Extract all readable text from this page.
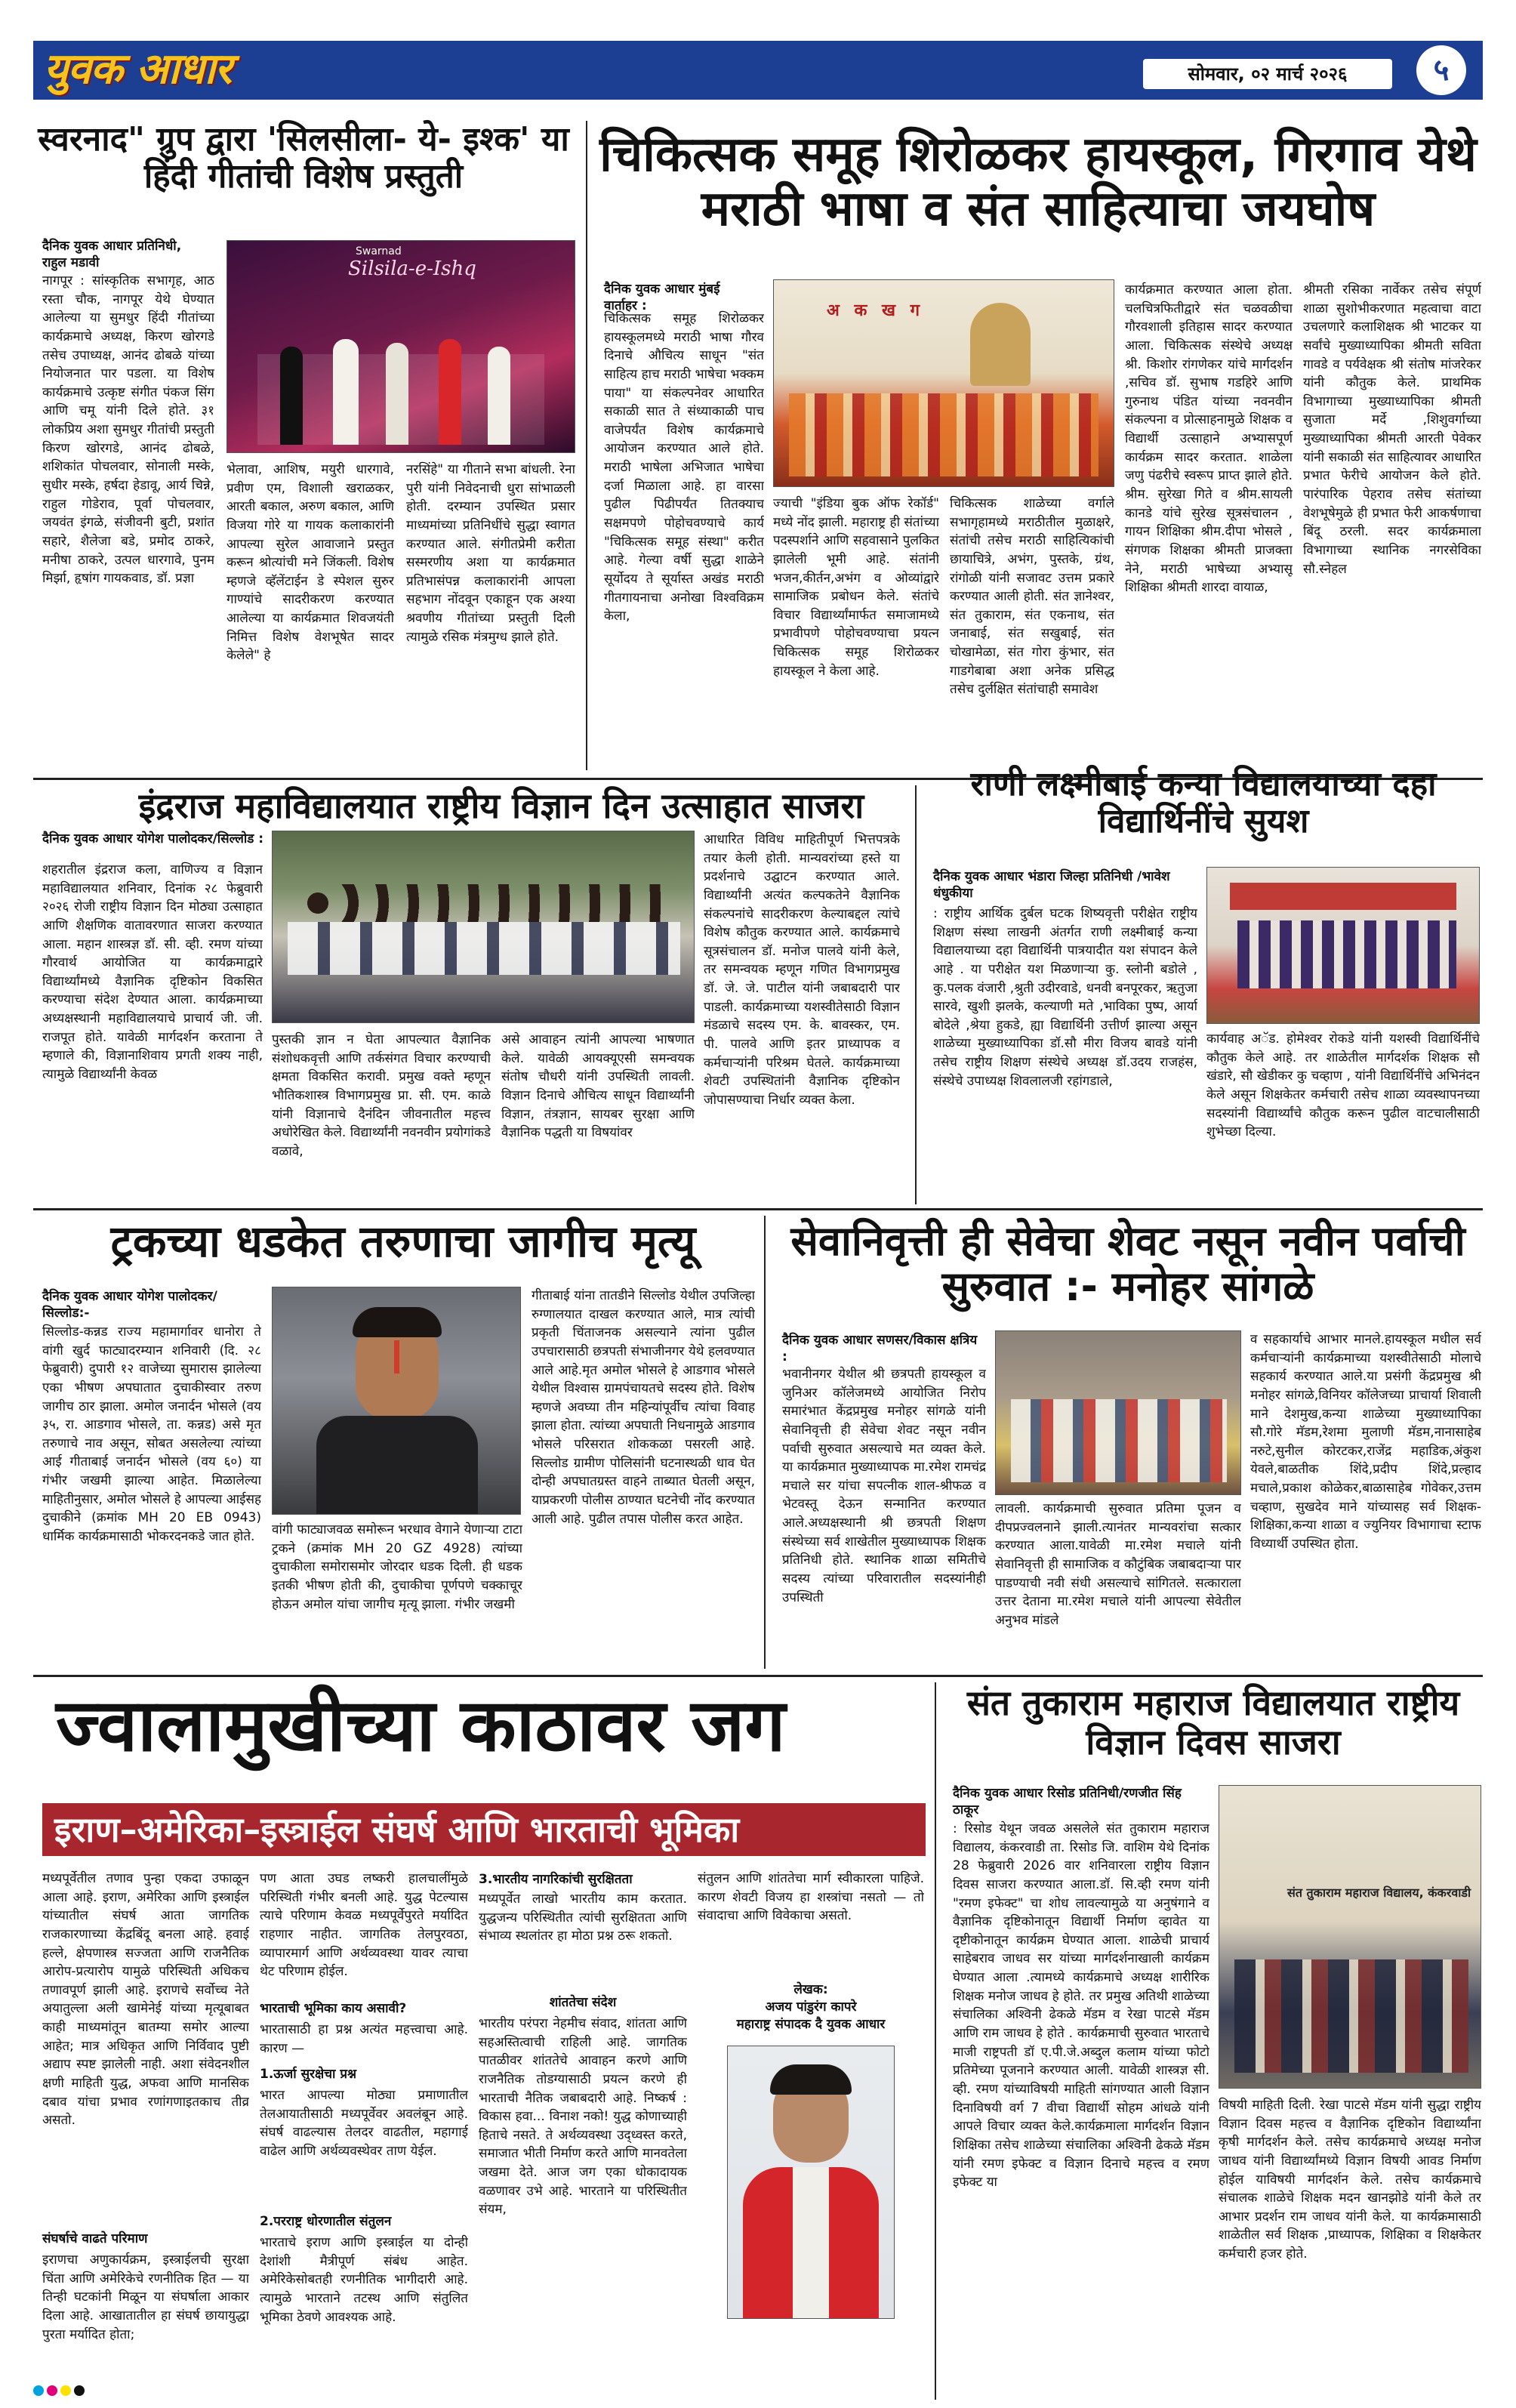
युवक आधार	सोमवार, ०२ मार्च २०२६	५
स्वरनाद" ग्रुप द्वारा 'सिलसीला- ये- इश्क' या हिंदी गीतांची विशेष प्रस्तुती
दैनिक युवक आधार प्रतिनिधी, राहुल मडावी
नागपूर : सांस्कृतिक सभागृह, आठ रस्ता चौक, नागपूर येथे घेण्यात आलेल्या या सुमधुर हिंदी गीतांच्या कार्यक्रमाचे अध्यक्ष, किरण खोरगडे तसेच उपाध्यक्ष, आनंद ढोबळे यांच्या नियोजनात पार पडला. या विशेष कार्यक्रमाचे उत्कृष्ट संगीत पंकज सिंग आणि चमू यांनी दिले होते. ३१ लोकप्रिय अशा सुमधुर गीतांची प्रस्तुती किरण खोरगडे, आनंद ढोबळे, शशिकांत पोचलवार, सोनाली मस्के, सुधीर मस्के, हर्षदा हेडावू, आर्य चिन्ने, राहुल गोडेराव, पूर्वा पोचलवार, जयवंत इंगळे, संजीवनी बुटी, प्रशांत सहारे, शैलेजा बडे, प्रमोद ठाकरे, मनीषा ठाकरे, उत्पल धारगावे, पुनम मिर्झा, हृषांग गायकवाड, डॉ. प्रज्ञा
Silsila-e-Ishq
Swarnad
भेलावा, आशिष, मयुरी धारगावे, प्रवीण एम, विशाली खराळकर, आरती बकाल, अरुण बकाल, आणि विजया गोरे या गायक कलाकारांनी आपल्या सुरेल आवाजाने प्रस्तुत करून श्रोत्यांची मने जिंकली. विशेष म्हणजे व्हॅलेंटाईन डे स्पेशल सुरुर गाण्यांचे सादरीकरण करण्यात आलेल्या या कार्यक्रमात शिवजयंती निमित्त विशेष वेशभूषेत सादर केलेले" हे
नरसिंहे" या गीताने सभा बांधली. रेना पुरी यांनी निवेदनाची धुरा सांभाळली होती. दरम्यान उपस्थित प्रसार माध्यमांच्या प्रतिनिधींचे सुद्धा स्वागत करण्यात आले. संगीतप्रेमी करीता सस्मरणीय अशा या कार्यक्रमात प्रतिभासंपन्न कलाकारांनी आपला सहभाग नोंदवून एकाहून एक अश्या श्रवणीय गीतांच्या प्रस्तुती दिली त्यामुळे रसिक मंत्रमुग्ध झाले होते.
चिकित्सक समूह शिरोळकर हायस्कूल, गिरगाव येथे मराठी भाषा व संत साहित्याचा जयघोष
दैनिक युवक आधार मुंबई वार्ताहर :
चिकित्सक समूह शिरोळकर हायस्कूलमध्ये मराठी भाषा गौरव दिनाचे औचित्य साधून "संत साहित्य हाच मराठी भाषेचा भक्कम पाया" या संकल्पनेवर आधारित सकाळी सात ते संध्याकाळी पाच वाजेपर्यंत विशेष कार्यक्रमाचे आयोजन करण्यात आले होते. मराठी भाषेला अभिजात भाषेचा दर्जा मिळाला आहे. हा वारसा पुढील पिढीपर्यंत तितक्याच सक्षमपणे पोहोचवण्याचे कार्य "चिकित्सक समूह संस्था" करीत आहे. गेल्या वर्षी सुद्धा शाळेने सूर्योदय ते सूर्यास्त अखंड मराठी गीतगायनाचा अनोखा विश्वविक्रम केला,
अ क ख ग
ज्याची "इंडिया बुक ऑफ रेकॉर्ड" मध्ये नोंद झाली. महाराष्ट्र ही संतांच्या पदस्पर्शाने आणि सहवासाने पुलकित झालेली भूमी आहे. संतांनी भजन,कीर्तन,अभंग व ओव्यांद्वारे सामाजिक प्रबोधन केले. संतांचे विचार विद्यार्थ्यांमार्फत समाजामध्ये प्रभावीपणे पोहोचवण्याचा प्रयत्न चिकित्सक समूह शिरोळकर हायस्कूल ने केला आहे.
चिकित्सक शाळेच्या वर्गाले सभागृहामध्ये मराठीतील मुळाक्षरे, संतांची तसेच मराठी साहित्यिकांची छायाचित्रे, अभंग, पुस्तके, ग्रंथ, रांगोळी यांनी सजावट उत्तम प्रकारे करण्यात आली होती. संत ज्ञानेश्वर, संत तुकाराम, संत एकनाथ, संत जनाबाई, संत सखुबाई, संत चोखामेळा, संत गोरा कुंभार, संत गाडगेबाबा अशा अनेक प्रसिद्ध तसेच दुर्लक्षित संतांचाही समावेश
कार्यक्रमात करण्यात आला होता. चलचित्रफितीद्वारे संत चळवळीचा गौरवशाली इतिहास सादर करण्यात आला. चिकित्सक संस्थेचे अध्यक्ष श्री. किशोर रांगणेकर यांचे मार्गदर्शन ,सचिव डॉ. सुभाष गडहिरे आणि गुरुनाथ पंडित यांच्या नवनवीन संकल्पना व प्रोत्साहनामुळे शिक्षक व विद्यार्थी उत्साहाने अभ्यासपूर्ण कार्यक्रम सादर करतात. शाळेला जणु पंढरीचे स्वरूप प्राप्त झाले होते. श्रीम. सुरेखा गिते व श्रीम.सायली कानडे यांचे सुरेख सूत्रसंचालन , गायन शिक्षिका श्रीम.दीपा भोसले , संगणक शिक्षका श्रीमती प्राजक्ता नेने, मराठी भाषेच्या अभ्यासू शिक्षिका श्रीमती शारदा वायाळ,
श्रीमती रसिका नार्वेकर तसेच संपूर्ण शाळा सुशोभीकरणात महत्वाचा वाटा उचलणारे कलाशिक्षक श्री भाटकर या सर्वांचे मुख्याध्यापिका श्रीमती सविता गावडे व पर्यवेक्षक श्री संतोष मांजरेकर यांनी कौतुक केले. प्राथमिक विभागाच्या मुख्याध्यापिका श्रीमती सुजाता मर्दे ,शिशुवर्गाच्या मुख्याध्यापिका श्रीमती आरती पेवेकर यांनी सकाळी संत साहित्यावर आधारित प्रभात फेरीचे आयोजन केले होते. पारंपारिक पेहराव तसेच संतांच्या वेशभूषेमुळे ही प्रभात फेरी आकर्षणाचा बिंदू ठरली. सदर कार्यक्रमाला विभागाच्या स्थानिक नगरसेविका सौ.स्नेहल
इंद्रराज महाविद्यालयात राष्ट्रीय विज्ञान दिन उत्साहात साजरा
दैनिक युवक आधार योगेश पालोदकर/सिल्लोड :
शहरातील इंद्रराज कला, वाणिज्य व विज्ञान महाविद्यालयात शनिवार, दिनांक २८ फेब्रुवारी २०२६ रोजी राष्ट्रीय विज्ञान दिन मोठ्या उत्साहात आणि शैक्षणिक वातावरणात साजरा करण्यात आला. महान शास्त्रज्ञ डॉ. सी. व्ही. रमण यांच्या गौरवार्थ आयोजित या कार्यक्रमाद्वारे विद्यार्थ्यांमध्ये वैज्ञानिक दृष्टिकोन विकसित करण्याचा संदेश देण्यात आला. कार्यक्रमाच्या अध्यक्षस्थानी महाविद्यालयाचे प्राचार्य जी. जी. राजपूत होते. यावेळी मार्गदर्शन करताना ते म्हणाले की, विज्ञानाशिवाय प्रगती शक्य नाही, त्यामुळे विद्यार्थ्यांनी केवळ
पुस्तकी ज्ञान न घेता आपल्यात वैज्ञानिक संशोधकवृत्ती आणि तर्कसंगत विचार करण्याची क्षमता विकसित करावी. प्रमुख वक्ते म्हणून भौतिकशास्त्र विभागप्रमुख प्रा. सी. एम. काळे यांनी विज्ञानाचे दैनंदिन जीवनातील महत्त्व अधोरेखित केले. विद्यार्थ्यांनी नवनवीन प्रयोगांकडे वळावे,
असे आवाहन त्यांनी आपल्या भाषणात केले. यावेळी आयक्यूएसी समन्वयक संतोष चौधरी यांनी उपस्थिती लावली. विज्ञान दिनाचे औचित्य साधून विद्यार्थ्यांनी विज्ञान, तंत्रज्ञान, सायबर सुरक्षा आणि वैज्ञानिक पद्धती या विषयांवर
आधारित विविध माहितीपूर्ण भित्तपत्रके तयार केली होती. मान्यवरांच्या हस्ते या प्रदर्शनाचे उद्घाटन करण्यात आले. विद्यार्थ्यांनी अत्यंत कल्पकतेने वैज्ञानिक संकल्पनांचे सादरीकरण केल्याबद्दल त्यांचे विशेष कौतुक करण्यात आले. कार्यक्रमाचे सूत्रसंचालन डॉ. मनोज पालवे यांनी केले, तर समन्वयक म्हणून गणित विभागप्रमुख डॉ. जे. जे. पाटील यांनी जबाबदारी पार पाडली. कार्यक्रमाच्या यशस्वीतेसाठी विज्ञान मंडळाचे सदस्य एम. के. बावस्कर, एम. पी. पालवे आणि इतर प्राध्यापक व कर्मचाऱ्यांनी परिश्रम घेतले. कार्यक्रमाच्या शेवटी उपस्थितांनी वैज्ञानिक दृष्टिकोन जोपासण्याचा निर्धार व्यक्त केला.
राणी लक्ष्मीबाई कन्या विद्यालयाच्या दहा विद्यार्थिनींचे सुयश
दैनिक युवक आधार भंडारा जिल्हा प्रतिनिधी /भावेश धंधुकीया
: राष्ट्रीय आर्थिक दुर्बल घटक शिष्यवृत्ती परीक्षेत राष्ट्रीय शिक्षण संस्था लाखनी अंतर्गत राणी लक्ष्मीबाई कन्या विद्यालयाच्या दहा विद्यार्थिनी पात्रयादीत यश संपादन केले आहे . या परीक्षेत यश मिळणाऱ्या कु. स्लोनी बडोले , कु.पलक वंजारी ,श्रुती उदीरवाडे, धनवी बनपूरकर, ऋतुजा सारवे, खुशी झलके, कल्याणी मते ,भाविका पुष्प, आर्या बोदेले ,श्रेया हुकडे, ह्या विद्यार्थिनी उत्तीर्ण झाल्या असून शाळेच्या मुख्याध्यापिका डॉ.सौ मीरा विजय बावडे यांनी तसेच राष्ट्रीय शिक्षण संस्थेचे अध्यक्ष डॉ.उदय राजहंस, संस्थेचे उपाध्यक्ष शिवलालजी रहांगडाले,
कार्यवाह अॅड. होमेश्वर रोकडे यांनी यशस्वी विद्यार्थिनींचे कौतुक केले आहे. तर शाळेतील मार्गदर्शक शिक्षक सौ खंडारे, सौ खेडीकर कु चव्हाण , यांनी विद्यार्थिनींचे अभिनंदन केले असून शिक्षकेतर कर्मचारी तसेच शाळा व्यवस्थापनच्या सदस्यांनी विद्यार्थ्यांचे कौतुक करून पुढील वाटचालीसाठी शुभेच्छा दिल्या.
ट्रकच्या धडकेत तरुणाचा जागीच मृत्यू
दैनिक युवक आधार योगेश पालोदकर/सिल्लोड:-
सिल्लोड-कन्नड राज्य महामार्गावर धानोरा ते वांगी खुर्द फाट्यादरम्यान शनिवारी (दि. २८ फेब्रुवारी) दुपारी १२ वाजेच्या सुमारास झालेल्या एका भीषण अपघातात दुचाकीस्वार तरुण जागीच ठार झाला. अमोल जनार्दन भोसले (वय ३५, रा. आडगाव भोसले, ता. कन्नड) असे मृत तरुणाचे नाव असून, सोबत असलेल्या त्यांच्या आई गीताबाई जनार्दन भोसले (वय ६०) या गंभीर जखमी झाल्या आहेत. मिळालेल्या माहितीनुसार, अमोल भोसले हे आपल्या आईसह दुचाकीने (क्रमांक MH 20 EB 0943) धार्मिक कार्यक्रमासाठी भोकरदनकडे जात होते.	वांगी फाट्याजवळ समोरून भरधाव वेगाने येणाऱ्या टाटा ट्रकने (क्रमांक MH 20 GZ 4928) त्यांच्या दुचाकीला समोरासमोर जोरदार धडक दिली. ही धडक इतकी भीषण होती की, दुचाकीचा पूर्णपणे चक्काचूर होऊन अमोल यांचा जागीच मृत्यू झाला. गंभीर जखमी
गीताबाई यांना तातडीने सिल्लोड येथील उपजिल्हा रुग्णालयात दाखल करण्यात आले, मात्र त्यांची प्रकृती चिंताजनक असल्याने त्यांना पुढील उपचारासाठी छत्रपती संभाजीनगर येथे हलवण्यात आले आहे.मृत अमोल भोसले हे आडगाव भोसले येथील विश्वास ग्रामपंचायतचे सदस्य होते. विशेष म्हणजे अवघ्या तीन महिन्यांपूर्वीच त्यांचा विवाह झाला होता. त्यांच्या अपघाती निधनामुळे आडगाव भोसले परिसरात शोककळा पसरली आहे. सिल्लोड ग्रामीण पोलिसांनी घटनास्थळी धाव घेत दोन्ही अपघातग्रस्त वाहने ताब्यात घेतली असून, याप्रकरणी पोलीस ठाण्यात घटनेची नोंद करण्यात आली आहे. पुढील तपास पोलीस करत आहेत.
सेवानिवृत्ती ही सेवेचा शेवट नसून नवीन पर्वाची सुरुवात :- मनोहर सांगळे
दैनिक युवक आधार सणसर/विकास क्षत्रिय :
भवानीनगर येथील श्री छत्रपती हायस्कूल व जुनिअर कॉलेजमध्ये आयोजित निरोप समारंभात केंद्रप्रमुख मनोहर सांगळे यांनी सेवानिवृत्ती ही सेवेचा शेवट नसून नवीन पर्वाची सुरुवात असल्याचे मत व्यक्त केले. या कार्यक्रमात मुख्याध्यापक मा.रमेश रामचंद्र मचाले सर यांचा सपत्नीक शाल-श्रीफळ व भेटवस्तू देऊन सन्मानित करण्यात आले.अध्यक्षस्थानी श्री छत्रपती शिक्षण संस्थेच्या सर्व शाखेतील मुख्याध्यापक शिक्षक प्रतिनिधी होते. स्थानिक शाळा समितीचे सदस्य त्यांच्या परिवारातील सदस्यांनीही उपस्थिती
लावली. कार्यक्रमाची सुरुवात प्रतिमा पूजन व दीपप्रज्वलनाने झाली.त्यानंतर मान्यवरांचा सत्कार करण्यात आला.यावेळी मा.रमेश मचाले यांनी सेवानिवृत्ती ही सामाजिक व कौटुंबिक जबाबदाऱ्या पार पाडण्याची नवी संधी असल्याचे सांगितले. सत्काराला उत्तर देताना मा.रमेश मचाले यांनी आपल्या सेवेतील अनुभव मांडले
व सहकार्याचे आभार मानले.हायस्कूल मधील सर्व कर्मचाऱ्यांनी कार्यक्रमाच्या यशस्वीतेसाठी मोलाचे सहकार्य करण्यात आले.या प्रसंगी केंद्रप्रमुख श्री मनोहर सांगळे,विनियर कॉलेजच्या प्राचार्या शिवाली माने देशमुख,कन्या शाळेच्या मुख्याध्यापिका सौ.गोरे मॅडम,रेशमा मुलाणी मॅडम,नानासाहेब नरुटे,सुनील कोरटकर,राजेंद्र महाडिक,अंकुश येवले,बाळतीक शिंदे,प्रदीप शिंदे,प्रल्हाद मचाले,प्रकाश कोळेकर,बाळासाहेब गोवेकर,उत्तम चव्हाण, सुखदेव माने यांच्यासह सर्व शिक्षक-शिक्षिका,कन्या शाळा व ज्युनियर विभागाचा स्टाफ विध्यार्थी उपस्थित होता.
ज्वालामुखीच्या काठावर जग
इराण–अमेरिका–इस्त्राईल संघर्ष आणि भारताची भूमिका
मध्यपूर्वेतील तणाव पुन्हा एकदा उफाळून आला आहे. इराण, अमेरिका आणि इस्त्राईल यांच्यातील संघर्ष आता जागतिक राजकारणाच्या केंद्रबिंदू बनला आहे. हवाई हल्ले, क्षेपणास्त्र सज्जता आणि राजनैतिक आरोप-प्रत्यारोप यामुळे परिस्थिती अधिकच तणावपूर्ण झाली आहे. इराणचे सर्वोच्च नेते अयातुल्ला अली खामेनेई यांच्या मृत्यूबाबत काही माध्यमांतून बातम्या समोर आल्या आहेत; मात्र अधिकृत आणि निर्विवाद पुष्टी अद्याप स्पष्ट झालेली नाही. अशा संवेदनशील क्षणी माहिती युद्ध, अफवा आणि मानसिक दबाव यांचा प्रभाव रणांगणाइतकाच तीव्र असतो.
संघर्षाचे वाढते परिमाण
इराणचा अणुकार्यक्रम, इस्त्राईलची सुरक्षा चिंता आणि अमेरिकेचे रणनीतिक हित — या तिन्ही घटकांनी मिळून या संघर्षाला आकार दिला आहे. आखातातील हा संघर्ष छायायुद्धा पुरता मर्यादित होता;
पण आता उघड लष्करी हालचालींमुळे परिस्थिती गंभीर बनली आहे. युद्ध पेटल्यास त्याचे परिणाम केवळ मध्यपूर्वेपुरते मर्यादित राहणार नाहीत. जागतिक तेलपुरवठा, व्यापारमार्ग आणि अर्थव्यवस्था यावर त्याचा थेट परिणाम होईल.
भारताची भूमिका काय असावी?
भारतासाठी हा प्रश्न अत्यंत महत्त्वाचा आहे. कारण —
1.ऊर्जा सुरक्षेचा प्रश्न
भारत आपल्या मोठ्या प्रमाणातील तेलआयातीसाठी मध्यपूर्वेवर अवलंबून आहे. संघर्ष वाढल्यास तेलदर वाढतील, महागाई वाढेल आणि अर्थव्यवस्थेवर ताण येईल.
2.परराष्ट्र धोरणातील संतुलन
भारताचे इराण आणि इस्त्राईल या दोन्ही देशांशी मैत्रीपूर्ण संबंध आहेत. अमेरिकेसोबतही रणनीतिक भागीदारी आहे. त्यामुळे भारताने तटस्थ आणि संतुलित भूमिका ठेवणे आवश्यक आहे.
3.भारतीय नागरिकांची सुरक्षितता
मध्यपूर्वेत लाखो भारतीय काम करतात. युद्धजन्य परिस्थितीत त्यांची सुरक्षितता आणि संभाव्य स्थलांतर हा मोठा प्रश्न ठरू शकतो.
शांततेचा संदेश
भारतीय परंपरा नेहमीच संवाद, शांतता आणि सहअस्तित्वाची राहिली आहे. जागतिक पातळीवर शांततेचे आवाहन करणे आणि राजनैतिक तोडग्यासाठी प्रयत्न करणे ही भारताची नैतिक जबाबदारी आहे. निष्कर्ष : विकास हवा... विनाश नको! युद्ध कोणाच्याही हिताचे नसते. ते अर्थव्यवस्था उद्ध्वस्त करते, समाजात भीती निर्माण करते आणि मानवतेला जखमा देते. आज जग एका धोकादायक वळणावर उभे आहे. भारताने या परिस्थितीत संयम,
संतुलन आणि शांततेचा मार्ग स्वीकारला पाहिजे. कारण शेवटी विजय हा शस्त्रांचा नसतो — तो संवादाचा आणि विवेकाचा असतो.
लेखक:
अजय पांडुरंग कापरे
महाराष्ट्र संपादक दै युवक आधार
संत तुकाराम महाराज विद्यालयात राष्ट्रीय विज्ञान दिवस साजरा
दैनिक युवक आधार रिसोड प्रतिनिधी/रणजीत सिंह ठाकूर
: रिसोड येथून जवळ असलेले संत तुकाराम महाराज विद्यालय, कंकरवाडी ता. रिसोड जि. वाशिम येथे दिनांक 28 फेब्रुवारी 2026 वार शनिवारला राष्ट्रीय विज्ञान दिवस साजरा करण्यात आला.डॉ. सि.व्ही रमण यांनी "रमण इफेक्ट" चा शोध लावल्यामुळे या अनुषंगाने व वैज्ञानिक दृष्टिकोनातून विद्यार्थी निर्माण व्हावेत या दृष्टीकोनातून कार्यक्रम घेण्यात आला. शाळेची प्राचार्य साहेबराव जाधव सर यांच्या मार्गदर्शनाखाली कार्यक्रम घेण्यात आला .त्यामध्ये कार्यक्रमाचे अध्यक्ष शारीरिक शिक्षक मनोज जाधव हे होते. तर प्रमुख अतिथी शाळेच्या संचालिका अश्विनी ढेकळे मॅडम व रेखा पाटसे मॅडम आणि राम जाधव हे होते . कार्यक्रमाची सुरुवात भारताचे माजी राष्ट्रपती डॉ ए.पी.जे.अब्दुल कलाम यांच्या फोटो प्रतिमेच्या पूजनाने करण्यात आली. यावेळी शास्त्रज्ञ सी. व्ही. रमण यांच्याविषयी माहिती सांगण्यात आली विज्ञान दिनाविषयी वर्ग 7 वीचा विद्यार्थी सोहम आंधळे यांनी आपले विचार व्यक्त केले.कार्यक्रमाला मार्गदर्शन विज्ञान शिक्षिका तसेच शाळेच्या संचालिका अश्विनी ढेकळे मॅडम यांनी रमण इफेक्ट व विज्ञान दिनाचे महत्त्व व रमण इफेक्ट या
संत तुकाराम महाराज विद्यालय, कंकरवाडी
विषयी माहिती दिली. रेखा पाटसे मॅडम यांनी सुद्धा राष्ट्रीय विज्ञान दिवस महत्त्व व वैज्ञानिक दृष्टिकोन विद्यार्थ्यांना कृषी मार्गदर्शन केले. तसेच कार्यक्रमाचे अध्यक्ष मनोज जाधव यांनी विद्यार्थ्यांमध्ये विज्ञान विषयी आवड निर्माण होईल याविषयी मार्गदर्शन केले. तसेच कार्यक्रमाचे संचालक शाळेचे शिक्षक मदन खानझोडे यांनी केले तर आभार प्रदर्शन राम जाधव यांनी केले. या कार्यक्रमासाठी शाळेतील सर्व शिक्षक ,प्राध्यापक, शिक्षिका व शिक्षकेतर कर्मचारी हजर होते.
